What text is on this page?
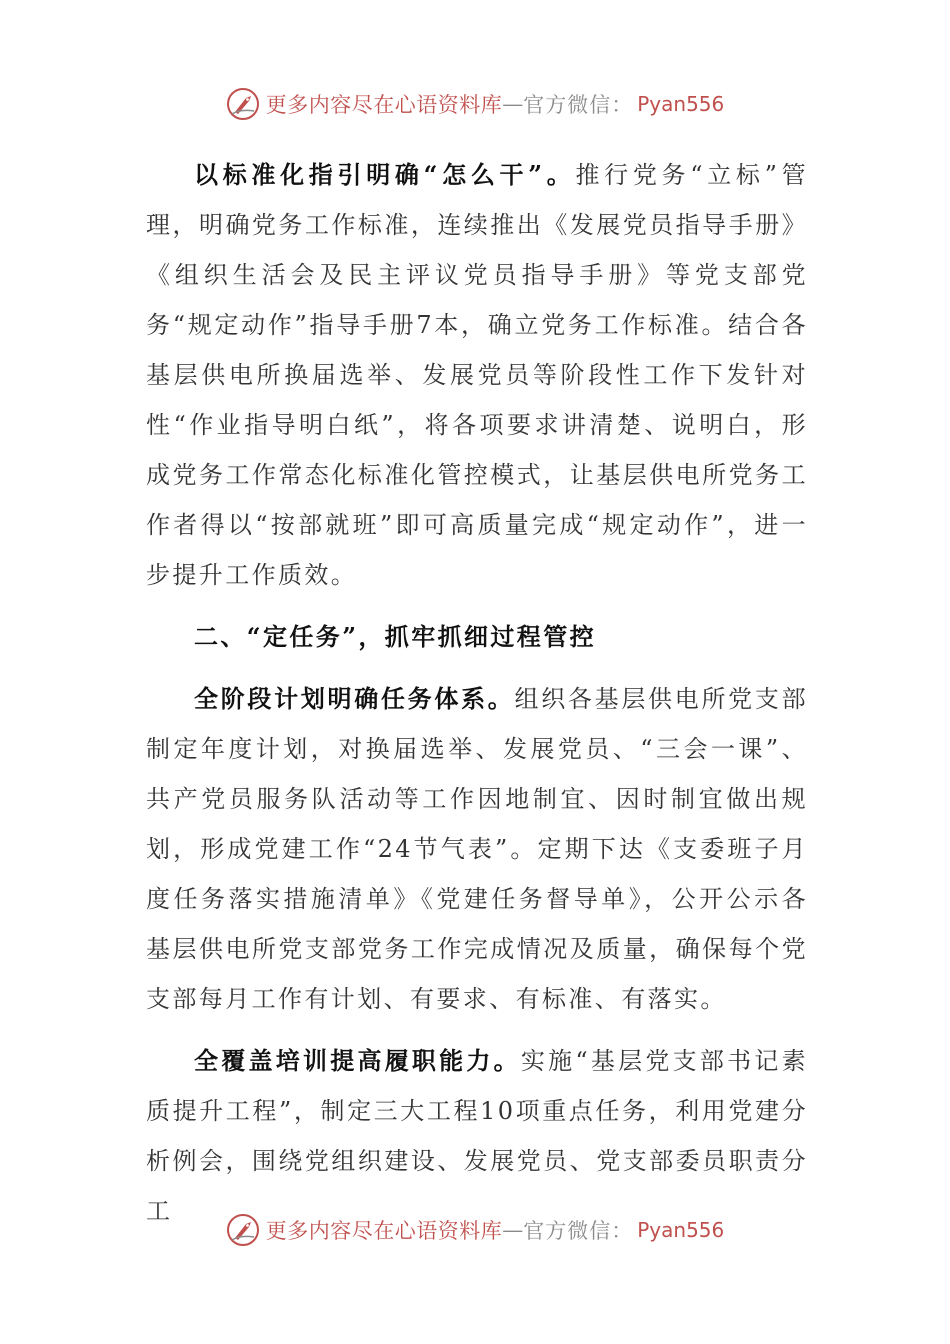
更多内容尽在心语资料库 — 官方微信： Pyan556

以标准化指引明确“怎么干”。推行党务“立标”管理，明确党务工作标准，连续推出《发展党员指导手册》《组织生活会及民主评议党员指导手册》等党支部党务“规定动作”指导手册7本，确立党务工作标准。结合各基层供电所换届选举、发展党员等阶段性工作下发针对性“作业指导明白纸”，将各项要求讲清楚、说明白，形成党务工作常态化标准化管控模式，让基层供电所党务工作者得以“按部就班”即可高质量完成“规定动作”，进一步提升工作质效。

二、“定任务”，抓牢抓细过程管控

全阶段计划明确任务体系。组织各基层供电所党支部制定年度计划，对换届选举、发展党员、“三会一课”、共产党员服务队活动等工作因地制宜、因时制宜做出规划，形成党建工作“24节气表”。定期下达《支委班子月度任务落实措施清单》《党建任务督导单》，公开公示各基层供电所党支部党务工作完成情况及质量，确保每个党支部每月工作有计划、有要求、有标准、有落实。

全覆盖培训提高履职能力。实施“基层党支部书记素质提升工程”，制定三大工程10项重点任务，利用党建分析例会，围绕党组织建设、发展党员、党支部委员职责分工

更多内容尽在心语资料库 — 官方微信： Pyan556
